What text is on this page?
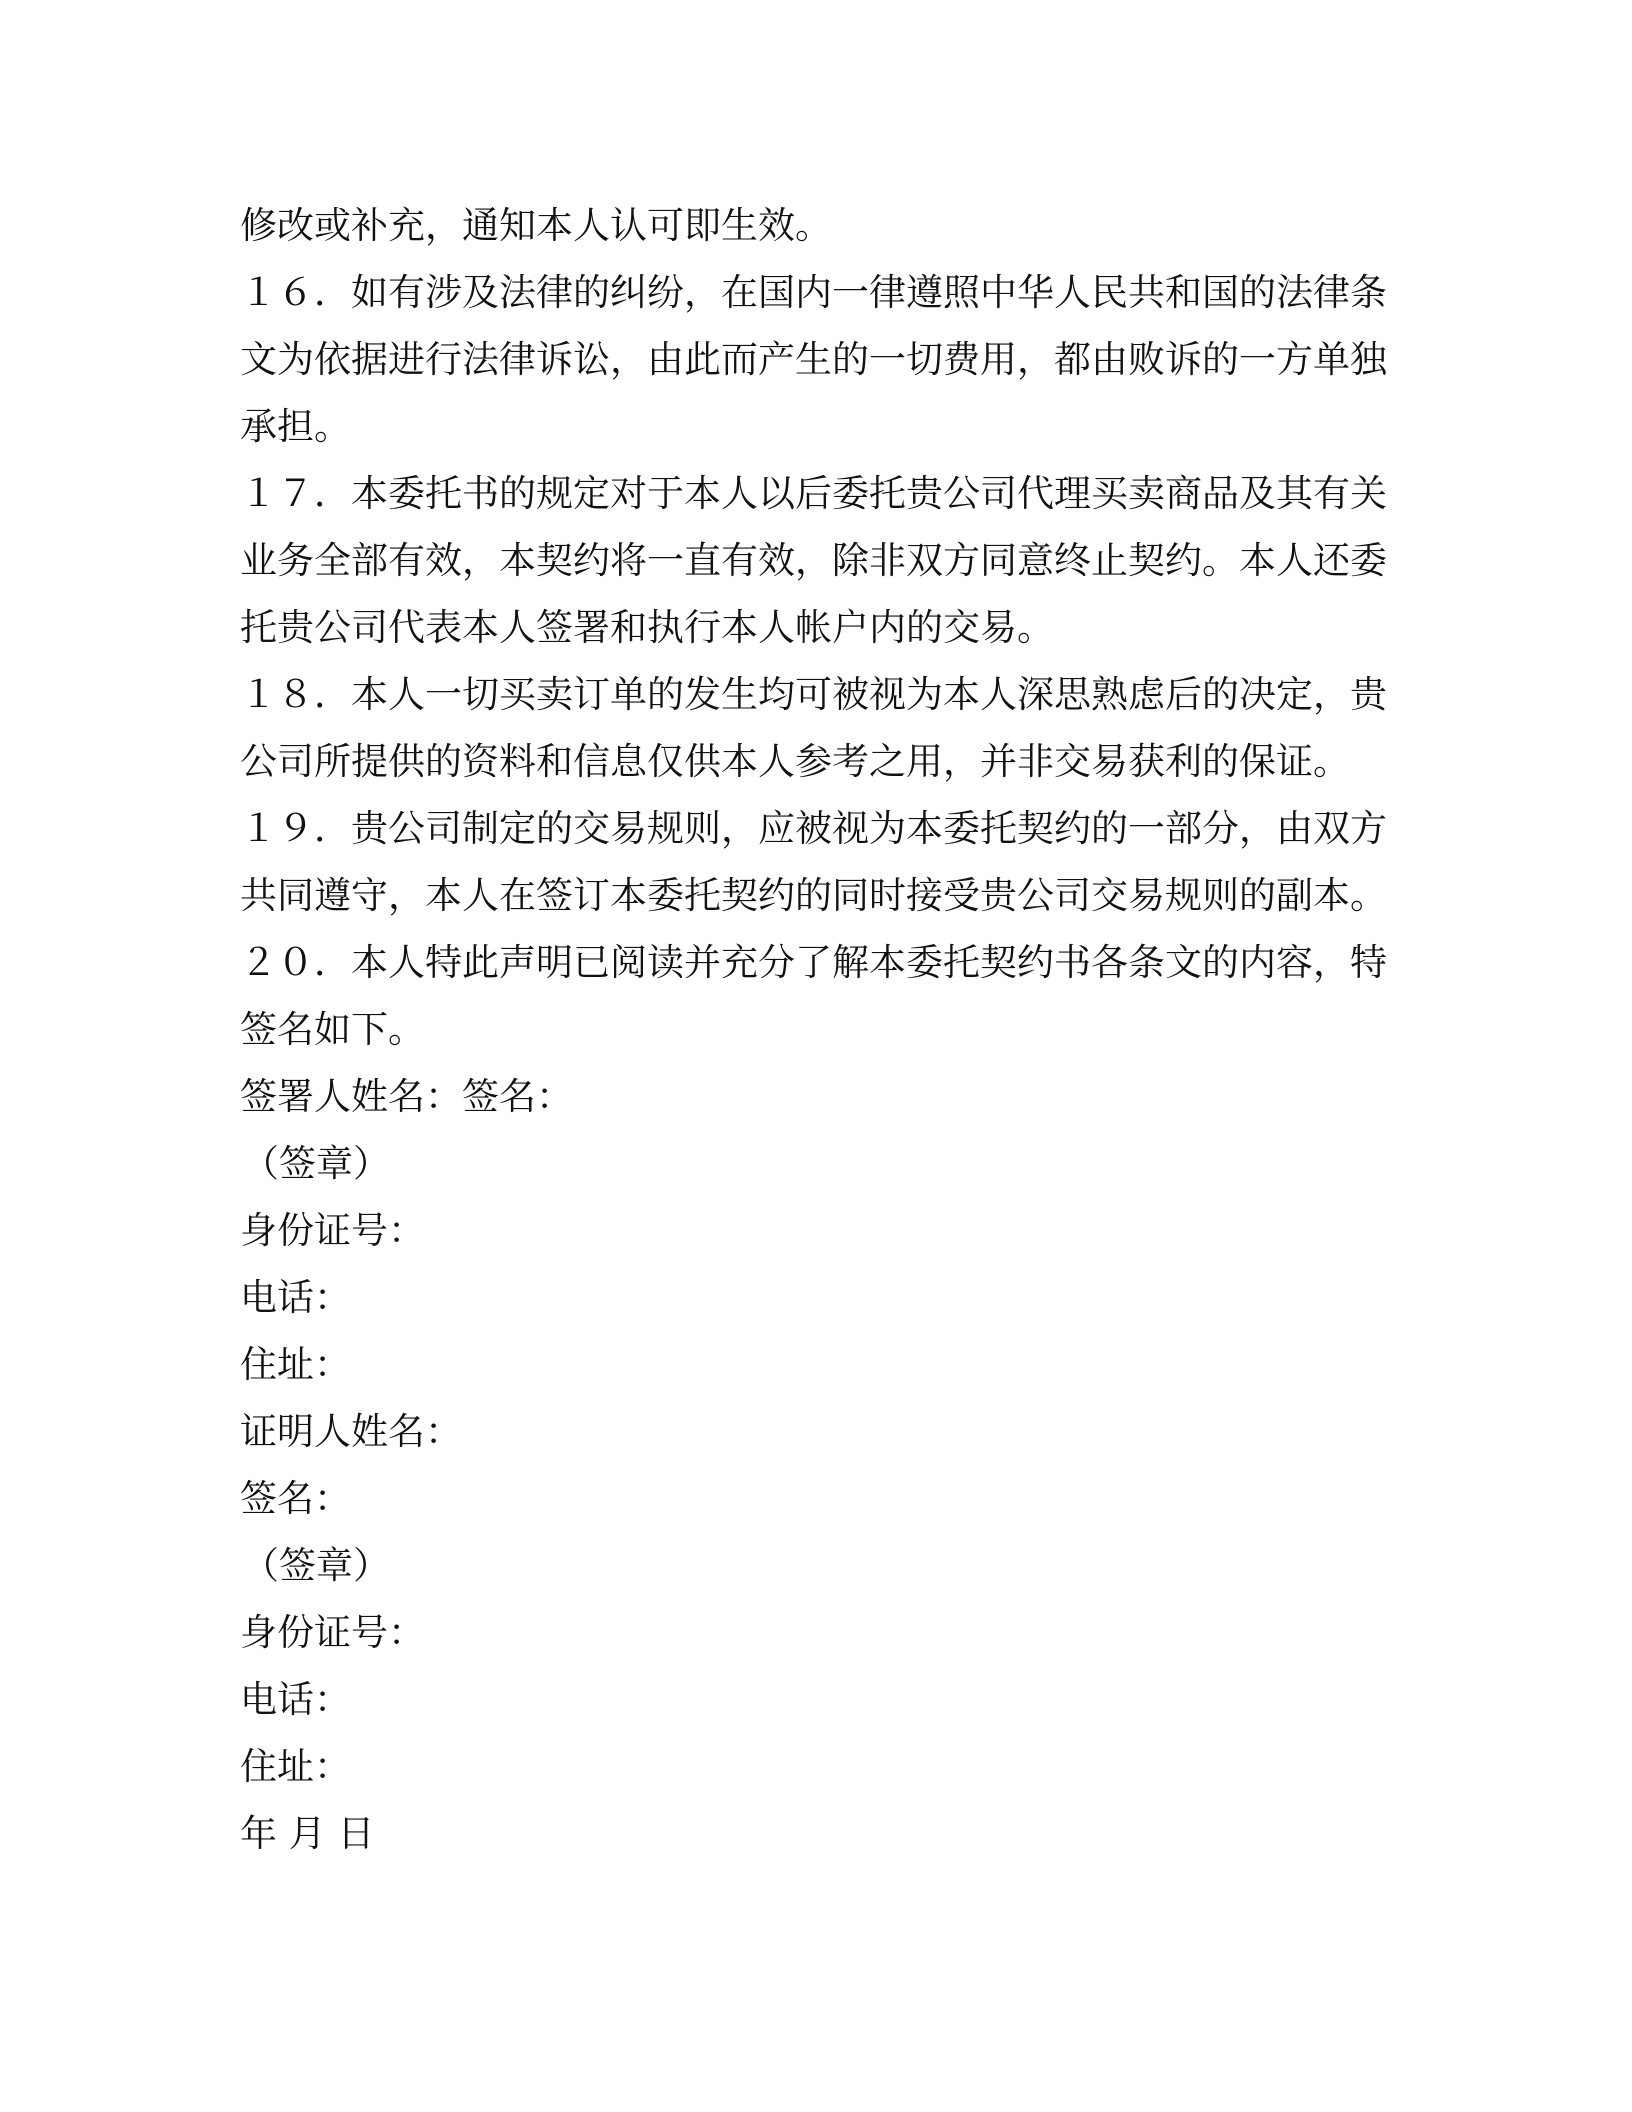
修改或补充，通知本人认可即生效。
１６．如有涉及法律的纠纷，在国内一律遵照中华人民共和国的法律条
文为依据进行法律诉讼，由此而产生的一切费用，都由败诉的一方单独
承担。
１７．本委托书的规定对于本人以后委托贵公司代理买卖商品及其有关
业务全部有效，本契约将一直有效，除非双方同意终止契约。本人还委
托贵公司代表本人签署和执行本人帐户内的交易。
１８．本人一切买卖订单的发生均可被视为本人深思熟虑后的决定，贵
公司所提供的资料和信息仅供本人参考之用，并非交易获利的保证。
１９．贵公司制定的交易规则，应被视为本委托契约的一部分，由双方
共同遵守，本人在签订本委托契约的同时接受贵公司交易规则的副本。
２０．本人特此声明已阅读并充分了解本委托契约书各条文的内容，特
签名如下。
签署人姓名：签名：
（签章）
身份证号：
电话：
住址：
证明人姓名：
签名：
（签章）
身份证号：
电话：
住址：
年 月 日
